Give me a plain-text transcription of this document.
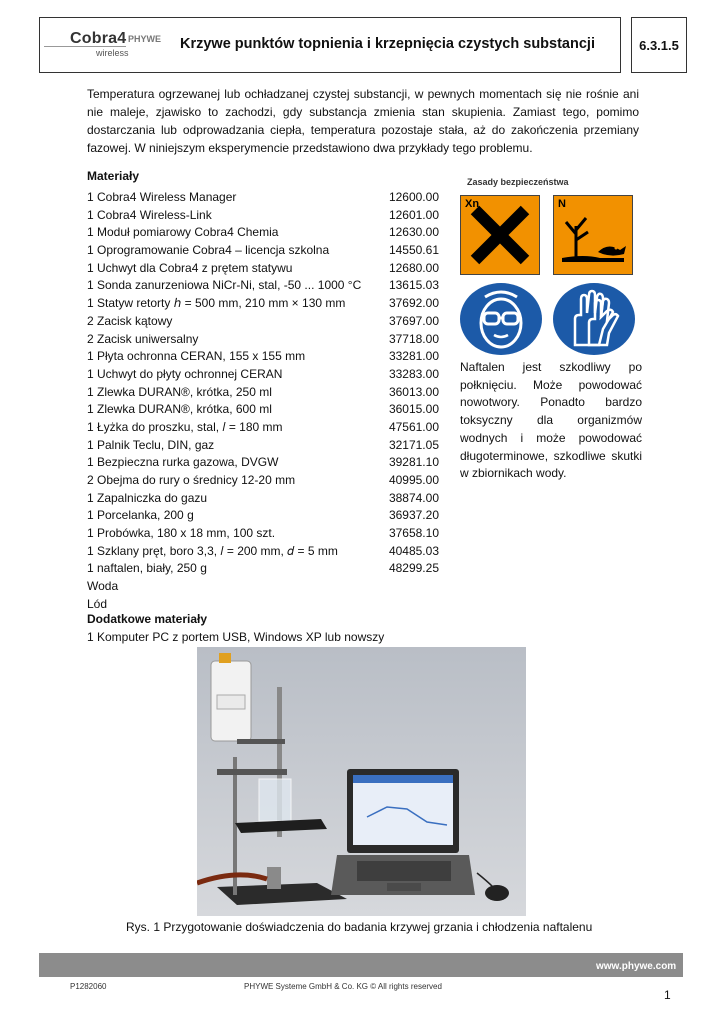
Cobra4 PHYWE
wireless
Krzywe punktów topnienia i krzepnięcia czystych substancji	6.3.1.5
Temperatura ogrzewanej lub ochładzanej czystej substancji, w pewnych momentach się nie rośnie ani nie maleje, zjawisko to zachodzi, gdy substancja zmienia stan skupienia. Zamiast tego, pomimo dostarczania lub odprowadzania ciepła, temperatura pozostaje stała, aż do zakończenia przemiany fazowej. W niniejszym eksperymencie przedstawiono dwa przykłady tego problemu.
Materiały
1 Cobra4 Wireless Manager	12600.00
1 Cobra4 Wireless-Link	12601.00
1 Moduł pomiarowy Cobra4 Chemia	12630.00
1 Oprogramowanie Cobra4 – licencja szkolna	14550.61
1 Uchwyt dla Cobra4 z prętem statywu	12680.00
1 Sonda zanurzeniowa NiCr-Ni, stal, -50 ... 1000 °C 13615.03
1 Statyw retorty ℎ = 500 mm, 210 mm × 130 mm	37692.00
2 Zacisk kątowy	37697.00
2 Zacisk uniwersalny	37718.00
1 Płyta ochronna CERAN, 155 x 155 mm	33281.00
1 Uchwyt do płyty ochronnej CERAN	33283.00
1 Zlewka DURAN®, krótka, 250 ml	36013.00
1 Zlewka DURAN®, krótka, 600 ml	36015.00
1 Łyżka do proszku, stal, 𝑙 = 180 mm	47561.00
1 Palnik Teclu, DIN, gaz	32171.05
1 Bezpieczna rurka gazowa, DVGW	39281.10
2 Obejma do rury o średnicy 12-20 mm	40995.00
1 Zapalniczka do gazu	38874.00
1 Porcelanka, 200 g	36937.20
1 Probówka, 180 x 18 mm, 100 szt.	37658.10
1 Szklany pręt, boro 3,3, 𝑙 = 200 mm, 𝑑 = 5 mm	40485.03
1 naftalen, biały, 250 g	48299.25
Woda
Lód
Dodatkowe materiały
1 Komputer PC z portem USB, Windows XP lub nowszy
Zasady bezpieczeństwa
Xn	N
Naftalen jest szkodliwy po połknięciu. Może powodować nowotwory. Ponadto bardzo toksyczny dla organizmów wodnych i może powodować długoterminowe, szkodliwe skutki w zbiornikach wody.
Rys. 1 Przygotowanie doświadczenia do badania krzywej grzania i chłodzenia naftalenu
www.phywe.com
P1282060	PHYWE Systeme GmbH & Co. KG © All rights reserved
1
